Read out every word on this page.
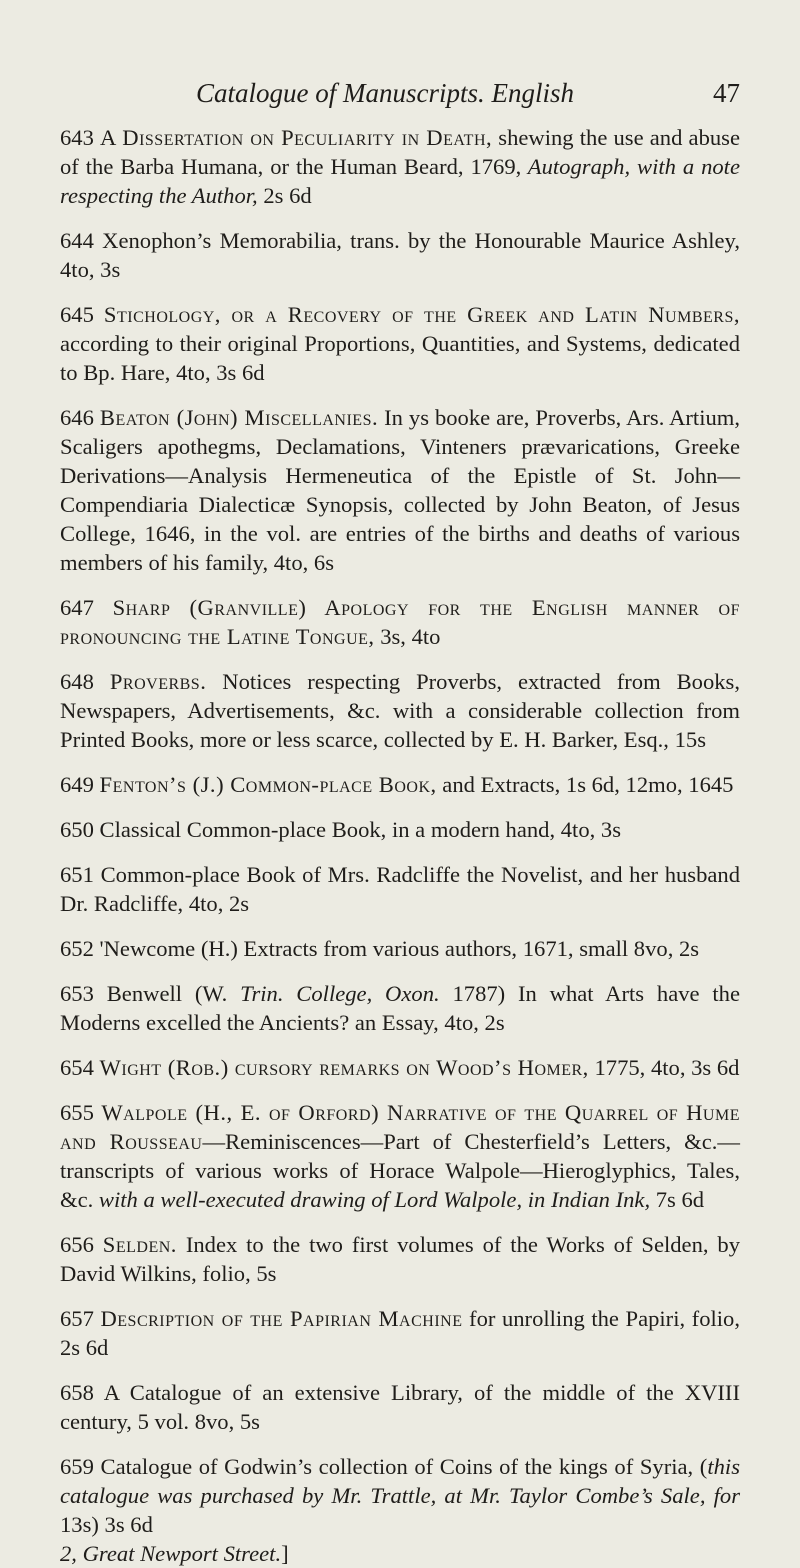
Catalogue of Manuscripts. English	47

643 A Dissertation on Peculiarity in Death, shewing the use and abuse of the Barba Humana, or the Human Beard, 1769, Autograph, with a note respecting the Author, 2s 6d

644 Xenophon’s Memorabilia, trans. by the Honourable Maurice Ashley, 4to, 3s

645 Stichology, or a Recovery of the Greek and Latin Numbers, according to their original Proportions, Quantities, and Systems, dedicated to Bp. Hare, 4to, 3s 6d

646 Beaton (John) Miscellanies. In ys booke are, Proverbs, Ars. Artium, Scaligers apothegms, Declamations, Vinteners prævarications, Greeke Derivations—Analysis Hermeneutica of the Epistle of St. John—Compendiaria Dialecticæ Synopsis, collected by John Beaton, of Jesus College, 1646, in the vol. are entries of the births and deaths of various members of his family, 4to, 6s

647 Sharp (Granville) Apology for the English manner of pronouncing the Latine Tongue, 3s, 4to

648 Proverbs. Notices respecting Proverbs, extracted from Books, Newspapers, Advertisements, &c. with a considerable collection from Printed Books, more or less scarce, collected by E. H. Barker, Esq., 15s

649 Fenton’s (J.) Common-place Book, and Extracts, 1s 6d, 12mo, 1645

650 Classical Common-place Book, in a modern hand, 4to, 3s

651 Common-place Book of Mrs. Radcliffe the Novelist, and her husband Dr. Radcliffe, 4to, 2s

652 'Newcome (H.) Extracts from various authors, 1671, small 8vo, 2s

653 Benwell (W. Trin. College, Oxon. 1787) In what Arts have the Moderns excelled the Ancients? an Essay, 4to, 2s

654 Wight (Rob.) cursory remarks on Wood’s Homer, 1775, 4to, 3s 6d

655 Walpole (H., E. of Orford) Narrative of the Quarrel of Hume and Rousseau—Reminiscences—Part of Chesterfield’s Letters, &c.—transcripts of various works of Horace Walpole—Hieroglyphics, Tales, &c. with a well-executed drawing of Lord Walpole, in Indian Ink, 7s 6d

656 Selden. Index to the two first volumes of the Works of Selden, by David Wilkins, folio, 5s

657 Description of the Papirian Machine for unrolling the Papiri, folio, 2s 6d

658 A Catalogue of an extensive Library, of the middle of the XVIII century, 5 vol. 8vo, 5s

659 Catalogue of Godwin’s collection of Coins of the kings of Syria, (this catalogue was purchased by Mr. Trattle, at Mr. Taylor Combe’s Sale, for 13s) 3s 6d
2, Great Newport Street.]
